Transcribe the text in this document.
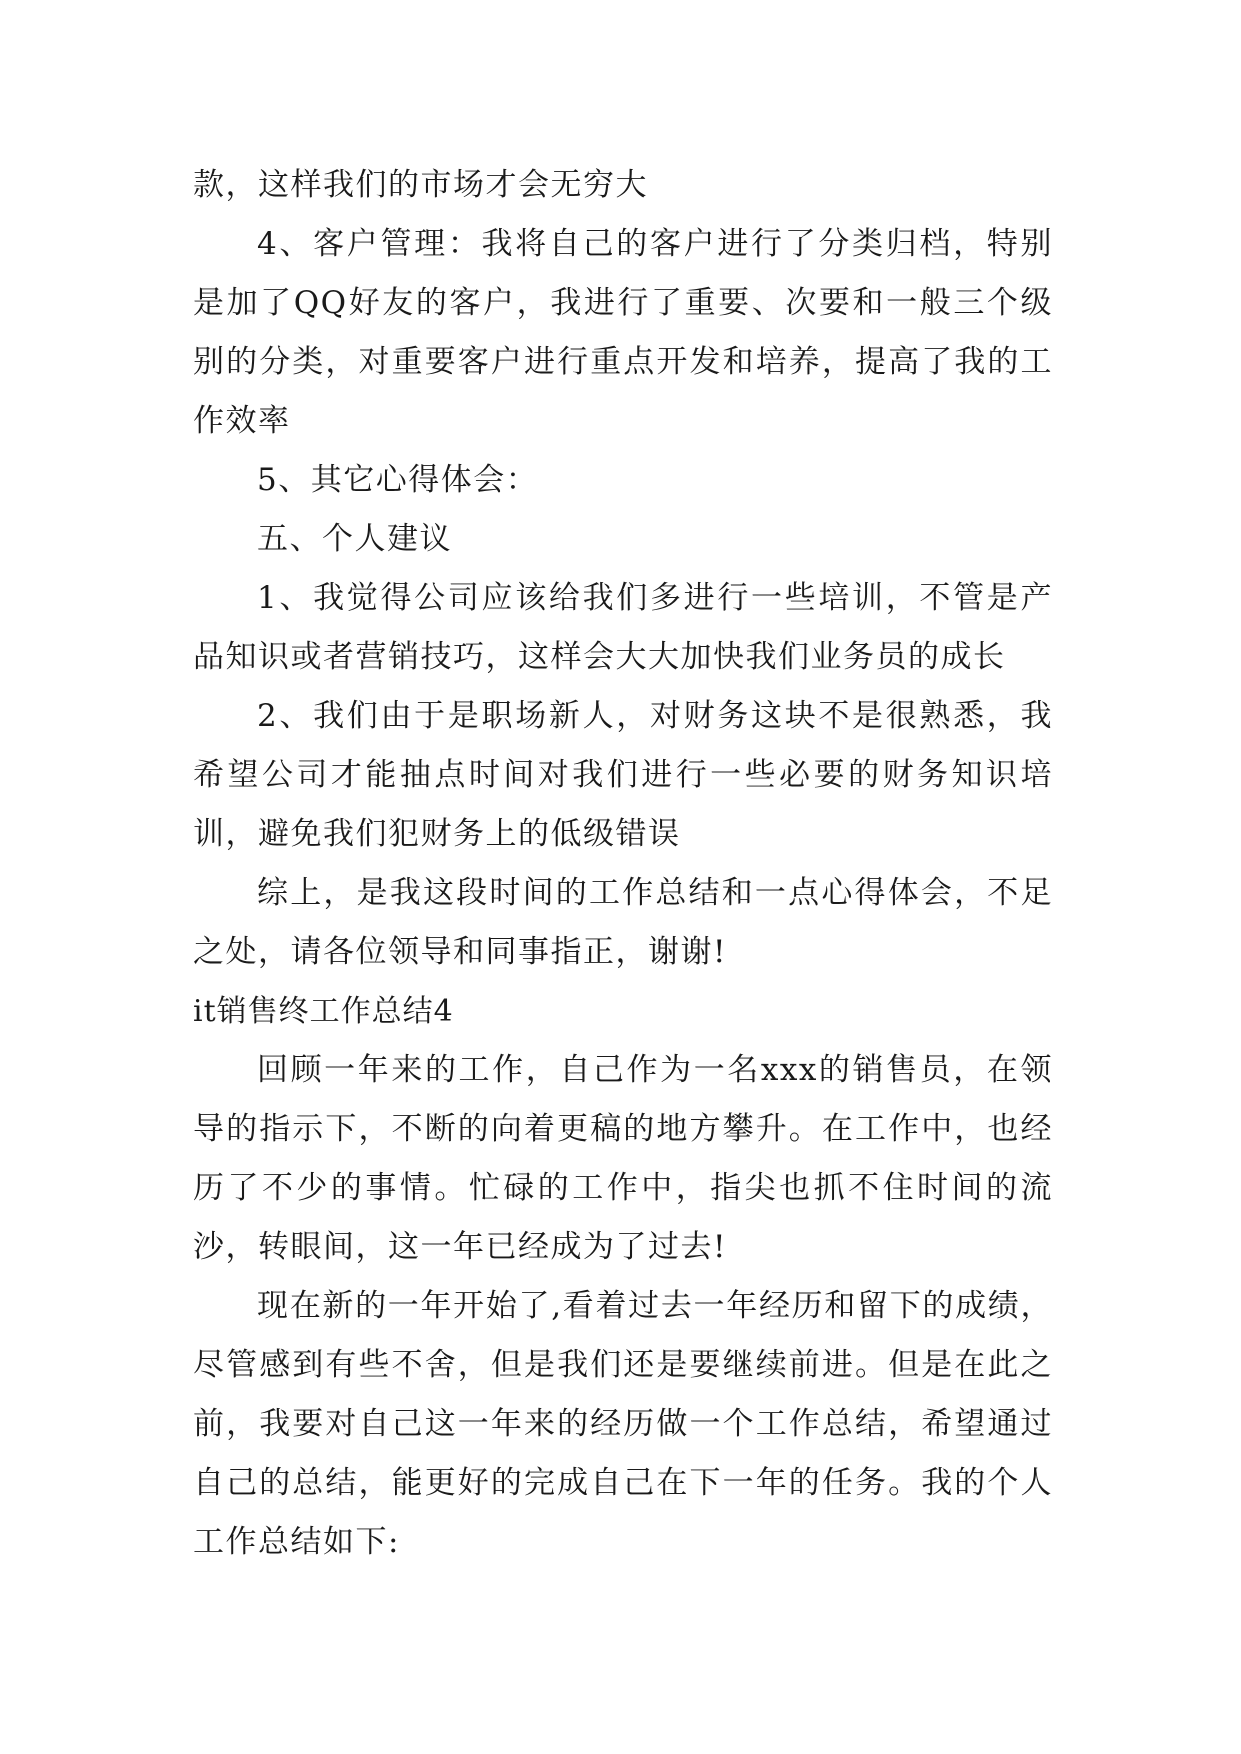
款，这样我们的市场才会无穷大

4、客户管理：我将自己的客户进行了分类归档，特别是加了QQ好友的客户，我进行了重要、次要和一般三个级别的分类，对重要客户进行重点开发和培养，提高了我的工作效率

5、其它心得体会：

五、个人建议

1、我觉得公司应该给我们多进行一些培训，不管是产品知识或者营销技巧，这样会大大加快我们业务员的成长

2、我们由于是职场新人，对财务这块不是很熟悉，我希望公司才能抽点时间对我们进行一些必要的财务知识培训，避免我们犯财务上的低级错误

综上，是我这段时间的工作总结和一点心得体会，不足之处，请各位领导和同事指正，谢谢!

it销售终工作总结4

回顾一年来的工作，自己作为一名xxx的销售员，在领导的指示下，不断的向着更稿的地方攀升。在工作中，也经历了不少的事情。忙碌的工作中，指尖也抓不住时间的流沙，转眼间，这一年已经成为了过去!

现在新的一年开始了,看着过去一年经历和留下的成绩，尽管感到有些不舍，但是我们还是要继续前进。但是在此之前，我要对自己这一年来的经历做一个工作总结，希望通过自己的总结，能更好的完成自己在下一年的任务。我的个人工作总结如下:
